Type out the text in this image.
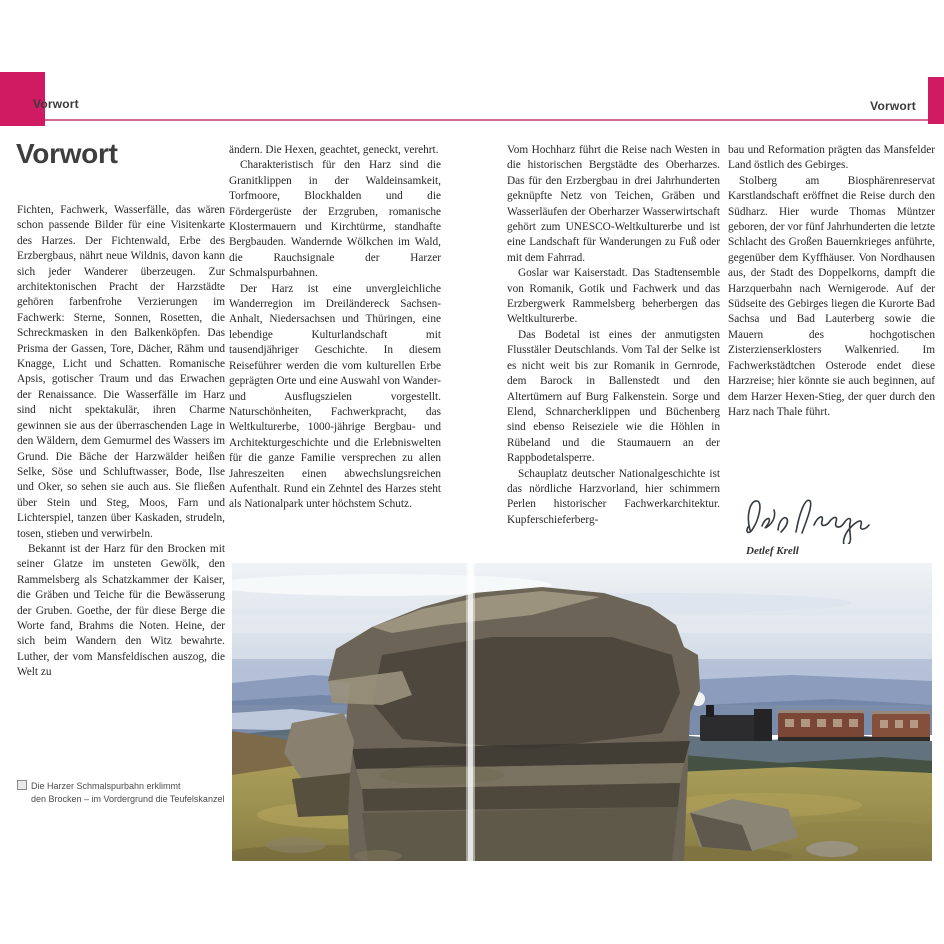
Vorwort	Vorwort
Vorwort

Fichten, Fachwerk, Wasserfälle, das wären schon passende Bilder für eine Visitenkarte des Harzes. Der Fichtenwald, Erbe des Erzbergbaus, nährt neue Wildnis, davon kann sich jeder Wanderer überzeugen. Zur architektonischen Pracht der Harzstädte gehören farbenfrohe Verzierungen im Fachwerk: Sterne, Sonnen, Rosetten, die Schreckmasken in den Balkenköpfen. Das Prisma der Gassen, Tore, Dächer, Rähm und Knagge, Licht und Schatten. Romanische Apsis, gotischer Traum und das Erwachen der Renaissance. Die Wasserfälle im Harz sind nicht spektakulär, ihren Charme gewinnen sie aus der überraschenden Lage in den Wäldern, dem Gemurmel des Wassers im Grund. Die Bäche der Harzwälder heißen Selke, Söse und Schluftwasser, Bode, Ilse und Oker, so sehen sie auch aus. Sie fließen über Stein und Steg, Moos, Farn und Lichterspiel, tanzen über Kaskaden, strudeln, tosen, stieben und verwirbeln.

Bekannt ist der Harz für den Brocken mit seiner Glatze im unsteten Gewölk, den Rammelsberg als Schatzkammer der Kaiser, die Gräben und Teiche für die Bewässerung der Gruben. Goethe, der für diese Berge die Worte fand, Brahms die Noten. Heine, der sich beim Wandern den Witz bewahrte. Luther, der vom Mansfeldischen auszog, die Welt zu

ändern. Die Hexen, geachtet, geneckt, verehrt.

Charakteristisch für den Harz sind die Granitklippen in der Waldeinsamkeit, Torfmoore, Blockhalden und die Fördergerüste der Erzgruben, romanische Klostermauern und Kirchtürme, standhafte Bergbauden. Wandernde Wölkchen im Wald, die Rauchsignale der Harzer Schmalspurbahnen.

Der Harz ist eine unvergleichliche Wanderregion im Dreiländereck Sachsen-Anhalt, Niedersachsen und Thüringen, eine lebendige Kulturlandschaft mit tausendjähriger Geschichte. In diesem Reiseführer werden die vom kulturellen Erbe geprägten Orte und eine Auswahl von Wander- und Ausflugszielen vorgestellt. Naturschönheiten, Fachwerkpracht, das Weltkulturerbe, 1000-jährige Bergbau- und Architekturgeschichte und die Erlebniswelten für die ganze Familie versprechen zu allen Jahreszeiten einen abwechslungsreichen Aufenthalt. Rund ein Zehntel des Harzes steht als Nationalpark unter höchstem Schutz.

Vom Hochharz führt die Reise nach Westen in die historischen Bergstädte des Oberharzes. Das für den Erzbergbau in drei Jahrhunderten geknüpfte Netz von Teichen, Gräben und Wasserläufen der Oberharzer Wasserwirtschaft gehört zum UNESCO-Weltkulturerbe und ist eine Landschaft für Wanderungen zu Fuß oder mit dem Fahrrad.

Goslar war Kaiserstadt. Das Stadtensemble von Romanik, Gotik und Fachwerk und das Erzbergwerk Rammelsberg beherbergen das Weltkulturerbe.

Das Bodetal ist eines der anmutigsten Flusstäler Deutschlands. Vom Tal der Selke ist es nicht weit bis zur Romanik in Gernrode, dem Barock in Ballenstedt und den Altertümern auf Burg Falkenstein. Sorge und Elend, Schnarcherklippen und Büchenberg sind ebenso Reiseziele wie die Höhlen in Rübeland und die Staumauern an der Rappbodetalsperre.

Schauplatz deutscher Nationalgeschichte ist das nördliche Harzvorland, hier schimmern Perlen historischer Fachwerkarchitektur. Kupferschieferberg-

bau und Reformation prägten das Mansfelder Land östlich des Gebirges.

Stolberg am Biosphärenreservat Karstlandschaft eröffnet die Reise durch den Südharz. Hier wurde Thomas Müntzer geboren, der vor fünf Jahrhunderten die letzte Schlacht des Großen Bauernkrieges anführte, gegenüber dem Kyffhäuser. Von Nordhausen aus, der Stadt des Doppelkorns, dampft die Harzquerbahn nach Wernigerode. Auf der Südseite des Gebirges liegen die Kurorte Bad Sachsa und Bad Lauterberg sowie die Mauern des hochgotischen Zisterzienserklosters Walkenried. Im Fachwerkstädtchen Osterode endet diese Harzreise; hier könnte sie auch beginnen, auf dem Harzer Hexen-Stieg, der quer durch den Harz nach Thale führt.

Detlef Krell
Die Harzer Schmalspurbahn erklimmt
den Brocken – im Vordergrund die Teufelskanzel
